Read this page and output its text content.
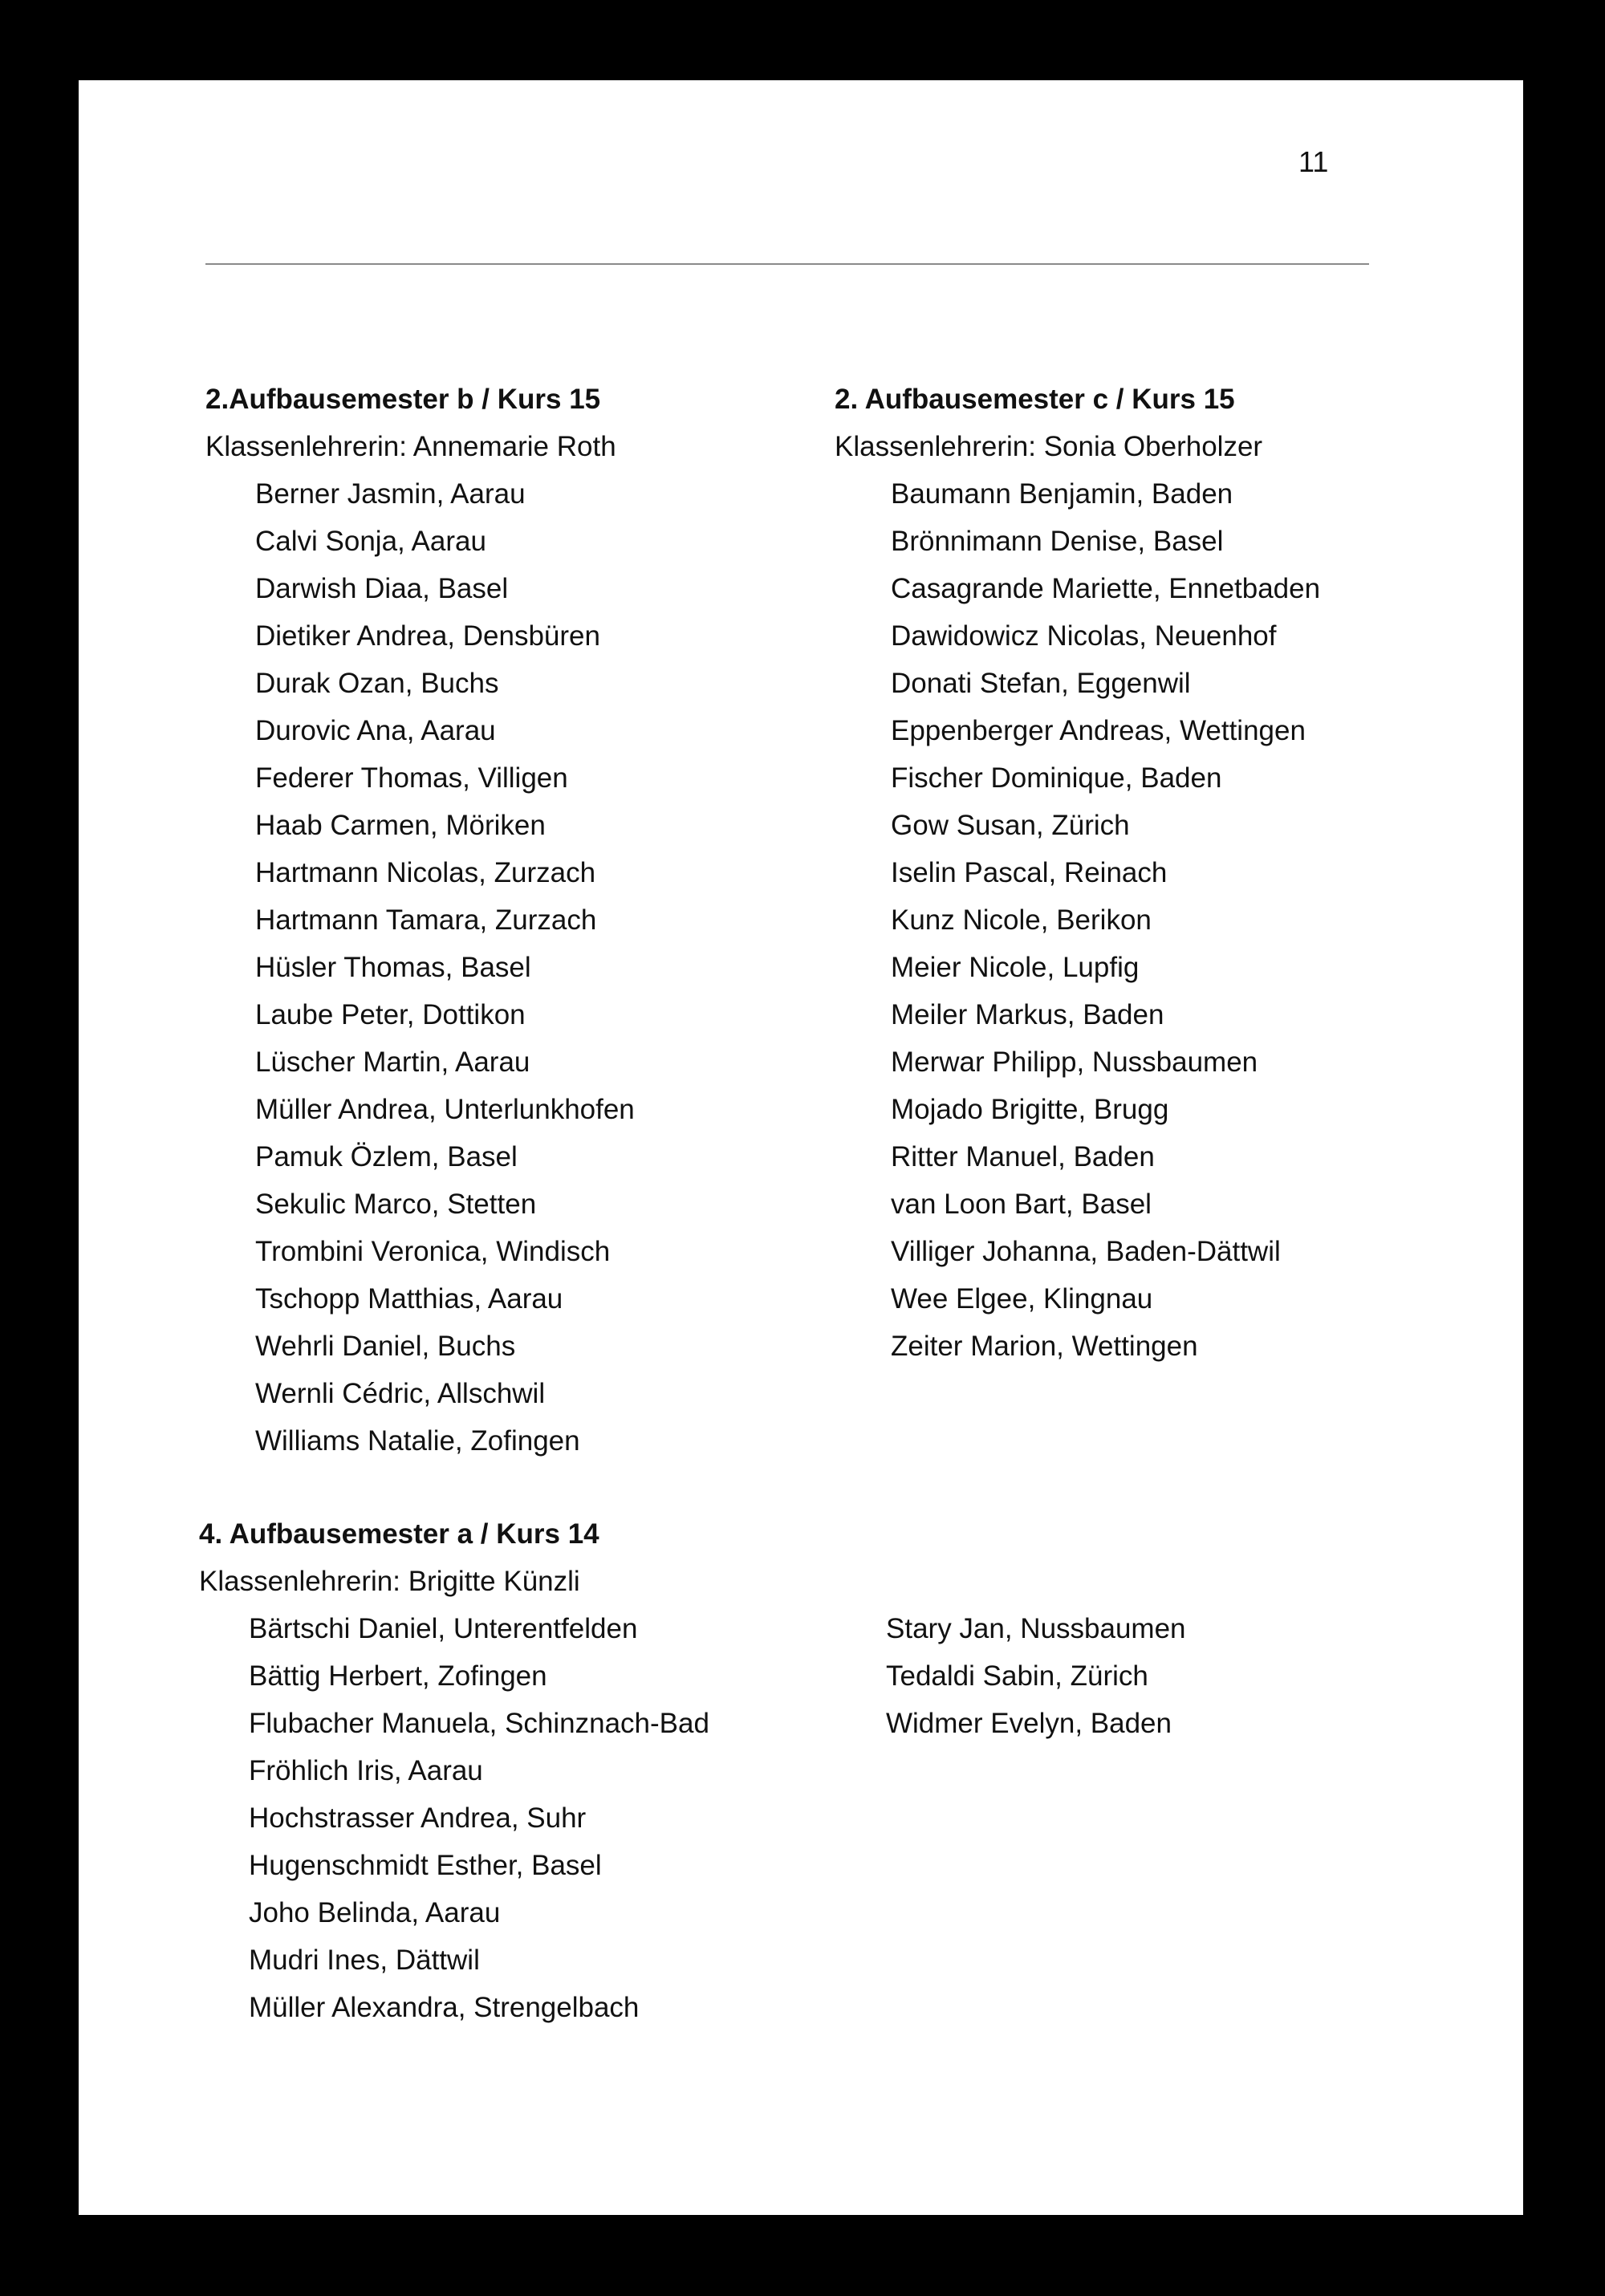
11
2.Aufbausemester b / Kurs 15
Klassenlehrerin: Annemarie Roth
Berner Jasmin, Aarau
Calvi Sonja, Aarau
Darwish Diaa, Basel
Dietiker Andrea, Densbüren
Durak Ozan, Buchs
Durovic Ana, Aarau
Federer Thomas, Villigen
Haab Carmen, Möriken
Hartmann Nicolas, Zurzach
Hartmann Tamara, Zurzach
Hüsler Thomas, Basel
Laube Peter, Dottikon
Lüscher Martin, Aarau
Müller Andrea, Unterlunkhofen
Pamuk Özlem, Basel
Sekulic Marco, Stetten
Trombini Veronica, Windisch
Tschopp Matthias, Aarau
Wehrli Daniel, Buchs
Wernli Cédric, Allschwil
Williams Natalie, Zofingen
2. Aufbausemester c / Kurs 15
Klassenlehrerin: Sonia Oberholzer
Baumann Benjamin, Baden
Brönnimann Denise, Basel
Casagrande Mariette, Ennetbaden
Dawidowicz Nicolas, Neuenhof
Donati Stefan, Eggenwil
Eppenberger Andreas, Wettingen
Fischer Dominique, Baden
Gow Susan, Zürich
Iselin Pascal, Reinach
Kunz Nicole, Berikon
Meier Nicole, Lupfig
Meiler Markus, Baden
Merwar Philipp, Nussbaumen
Mojado Brigitte, Brugg
Ritter Manuel, Baden
van Loon Bart, Basel
Villiger Johanna, Baden-Dättwil
Wee Elgee, Klingnau
Zeiter Marion, Wettingen
4. Aufbausemester a / Kurs 14
Klassenlehrerin: Brigitte Künzli
Bärtschi Daniel, Unterentfelden
Bättig Herbert, Zofingen
Flubacher Manuela, Schinznach-Bad
Fröhlich Iris, Aarau
Hochstrasser Andrea, Suhr
Hugenschmidt Esther, Basel
Joho Belinda, Aarau
Mudri Ines, Dättwil
Müller Alexandra, Strengelbach
Stary Jan, Nussbaumen
Tedaldi Sabin, Zürich
Widmer Evelyn, Baden
